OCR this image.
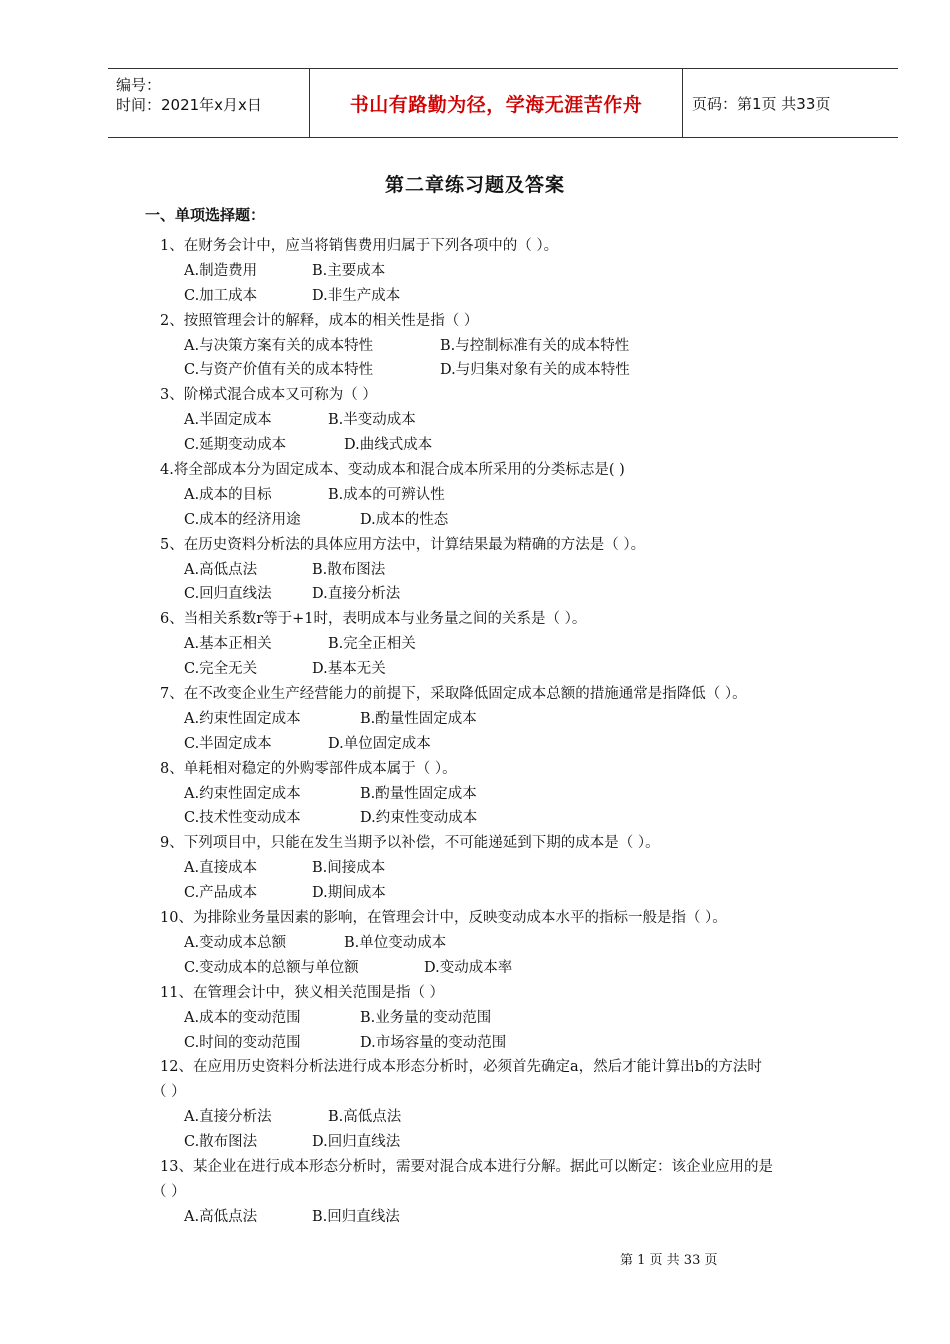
编号：
时间：2021年x月x日	书山有路勤为径，学海无涯苦作舟	页码：第1页 共33页
第二章练习题及答案
一、单项选择题：
1、在财务会计中，应当将销售费用归属于下列各项中的（ ）。
A.制造费用	B.主要成本
C.加工成本	D.非生产成本
2、按照管理会计的解释，成本的相关性是指（ ）
A.与决策方案有关的成本特性	B.与控制标准有关的成本特性
C.与资产价值有关的成本特性	D.与归集对象有关的成本特性
3、阶梯式混合成本又可称为（ ）
A.半固定成本	B.半变动成本
C.延期变动成本	D.曲线式成本
4.将全部成本分为固定成本、变动成本和混合成本所采用的分类标志是( )
A.成本的目标	B.成本的可辨认性
C.成本的经济用途	D.成本的性态
5、在历史资料分析法的具体应用方法中，计算结果最为精确的方法是（ ）。
A.高低点法	B.散布图法
C.回归直线法	D.直接分析法
6、当相关系数r等于+1时，表明成本与业务量之间的关系是（ ）。
A.基本正相关	B.完全正相关
C.完全无关	D.基本无关
7、在不改变企业生产经营能力的前提下，采取降低固定成本总额的措施通常是指降低（ ）。
A.约束性固定成本	B.酌量性固定成本
C.半固定成本	D.单位固定成本
8、单耗相对稳定的外购零部件成本属于（ ）。
A.约束性固定成本	B.酌量性固定成本
C.技术性变动成本	D.约束性变动成本
9、下列项目中，只能在发生当期予以补偿，不可能递延到下期的成本是（ ）。
A.直接成本	B.间接成本
C.产品成本	D.期间成本
10、为排除业务量因素的影响，在管理会计中，反映变动成本水平的指标一般是指（ ）。
A.变动成本总额	B.单位变动成本
C.变动成本的总额与单位额	D.变动成本率
11、在管理会计中，狭义相关范围是指（ ）
A.成本的变动范围	B.业务量的变动范围
C.时间的变动范围	D.市场容量的变动范围
12、在应用历史资料分析法进行成本形态分析时，必须首先确定a，然后才能计算出b的方法时
（ ）
A.直接分析法	B.高低点法
C.散布图法	D.回归直线法
13、某企业在进行成本形态分析时，需要对混合成本进行分解。据此可以断定：该企业应用的是
（ ）
A.高低点法	B.回归直线法
第 1 页 共 33 页
